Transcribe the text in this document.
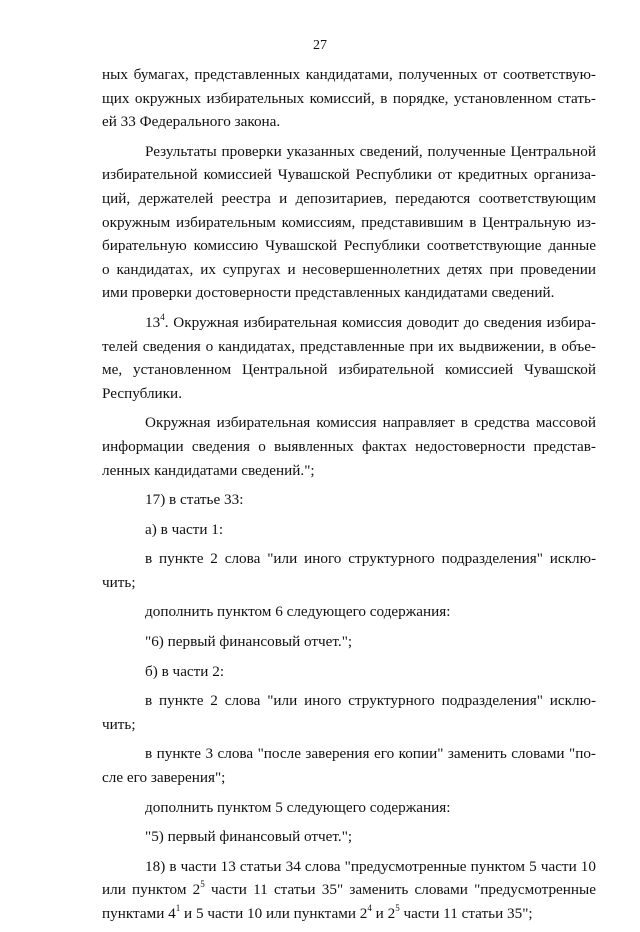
27

ных бумагах, представленных кандидатами, полученных от соответствую-
щих окружных избирательных комиссий, в порядке, установленном стать-
ей 33 Федерального закона.

Результаты проверки указанных сведений, полученные Центральной
избирательной комиссией Чувашской Республики от кредитных организа-
ций, держателей реестра и депозитариев, передаются соответствующим
окружным избирательным комиссиям, представившим в Центральную из-
бирательную комиссию Чувашской Республики соответствующие данные
о кандидатах, их супругах и несовершеннолетних детях при проведении
ими проверки достоверности представленных кандидатами сведений.

$13^4$. Окружная избирательная комиссия доводит до сведения избира-
телей сведения о кандидатах, представленные при их выдвижении, в объе-
ме, установленном Центральной избирательной комиссией Чувашской
Республики.

Окружная избирательная комиссия направляет в средства массовой
информации сведения о выявленных фактах недостоверности представ-
ленных кандидатами сведений.";

17) в статье 33:

а) в части 1:

в пункте 2 слова "или иного структурного подразделения" исклю-
чить;

дополнить пунктом 6 следующего содержания:

"6) первый финансовый отчет.";

б) в части 2:

в пункте 2 слова "или иного структурного подразделения" исклю-
чить;

в пункте 3 слова "после заверения его копии" заменить словами "по-
сле его заверения";

дополнить пунктом 5 следующего содержания:

"5) первый финансовый отчет.";

18) в части 13 статьи 34 слова "предусмотренные пунктом 5 части 10
или пунктом $2^5$ части 11 статьи 35" заменить словами "предусмотренные
пунктами $4^1$ и 5 части 10 или пунктами $2^4$ и $2^5$ части 11 статьи 35";
